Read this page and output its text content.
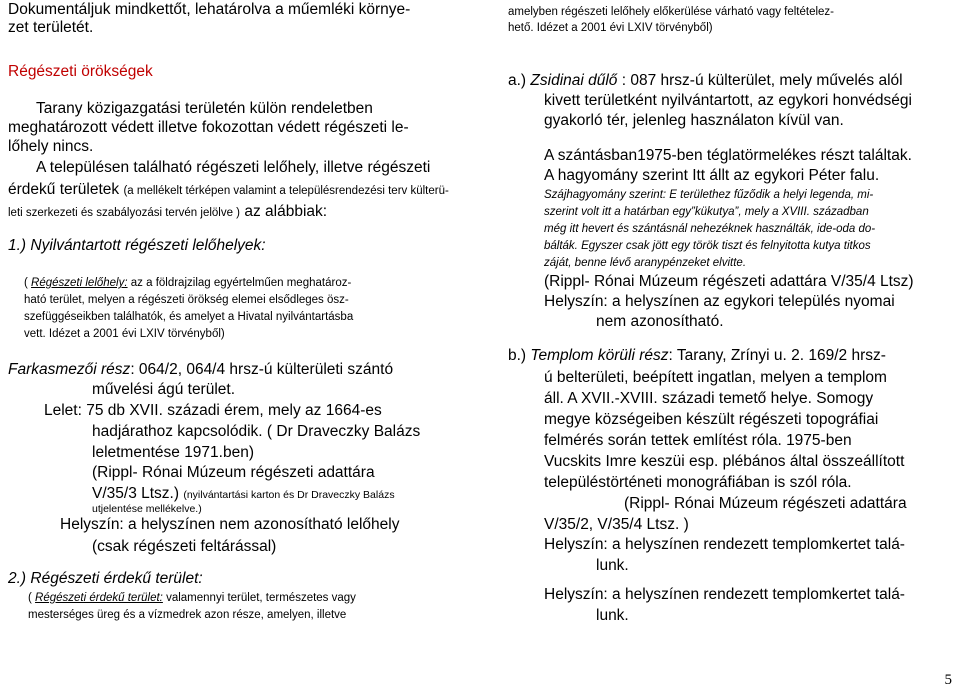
Dokumentáljuk mindkettőt, lehatárolva a műemléki környe-

zet területét.

Régészeti örökségek

Tarany közigazgatási területén külön rendeletben

meghatározott védett illetve fokozottan védett régészeti le-

lőhely nincs.

A településen található régészeti lelőhely, illetve régészeti

érdekű területek (a mellékelt térképen valamint a településrendezési terv külterü-

leti szerkezeti és szabályozási tervén jelölve ) az alábbiak:

1.) Nyilvántartott régészeti lelőhelyek:

( Régészeti lelőhely: az a földrajzilag egyértelműen meghatároz-

ható terület, melyen a régészeti örökség elemei elsődleges ösz-

szefüggéseikben találhatók, és amelyet a Hivatal nyilvántartásba

vett. Idézet a 2001 évi LXIV törvényből)

Farkasmezői rész: 064/2, 064/4 hrsz-ú külterületi szántó

művelési ágú terület.

Lelet: 75 db XVII. századi érem, mely az 1664-es

hadjárathoz kapcsolódik. ( Dr Draveczky Balázs

leletmentése 1971.ben)

(Rippl- Rónai Múzeum régészeti adattára

V/35/3 Ltsz.) (nyilvántartási karton és Dr Draveczky Balázs

utjelentése mellékelve.)

Helyszín: a helyszínen nem azonosítható lelőhely

(csak régészeti feltárással)

2.) Régészeti érdekű terület:

( Régészeti érdekű terület: valamennyi terület, természetes vagy

mesterséges üreg és a vízmedrek azon része, amelyen, illetve

amelyben régészeti lelőhely előkerülése várható vagy feltételez-

hető. Idézet a 2001 évi LXIV törvényből)

a.) Zsidinai dűlő : 087 hrsz-ú külterület, mely művelés alól

kivett területként nyilvántartott, az egykori honvédségi

gyakorló tér, jelenleg használaton kívül van.

A szántásban1975-ben téglatörmelékes részt találtak.

A hagyomány szerint Itt állt az egykori Péter falu.

Szájhagyomány szerint: E területhez fűződik a helyi legenda, mi-

szerint volt itt a határban egy”kükutya”, mely a XVIII. században

még itt hevert és szántásnál nehezéknek használták, ide-oda do-

bálták. Egyszer csak jött egy török tiszt és felnyitotta kutya titkos

záját, benne lévő aranypénzeket elvitte.

(Rippl- Rónai Múzeum régészeti adattára V/35/4 Ltsz)

Helyszín: a helyszínen az egykori település nyomai

nem azonosítható.

b.) Templom körüli rész: Tarany, Zrínyi u. 2. 169/2 hrsz-

ú belterületi, beépített ingatlan, melyen a templom

áll. A XVII.-XVIII. századi temető helye. Somogy

megye községeiben készült régészeti topográfiai

felmérés során tettek említést róla. 1975-ben

Vucskits Imre keszüi esp. plébános által összeállított

településtörténeti monográfiában is szól róla.

(Rippl- Rónai Múzeum régészeti adattára

V/35/2, V/35/4 Ltsz. )

Helyszín: a helyszínen rendezett templomkertet talá-

lunk.

Helyszín: a helyszínen rendezett templomkertet talá-

lunk.

5
